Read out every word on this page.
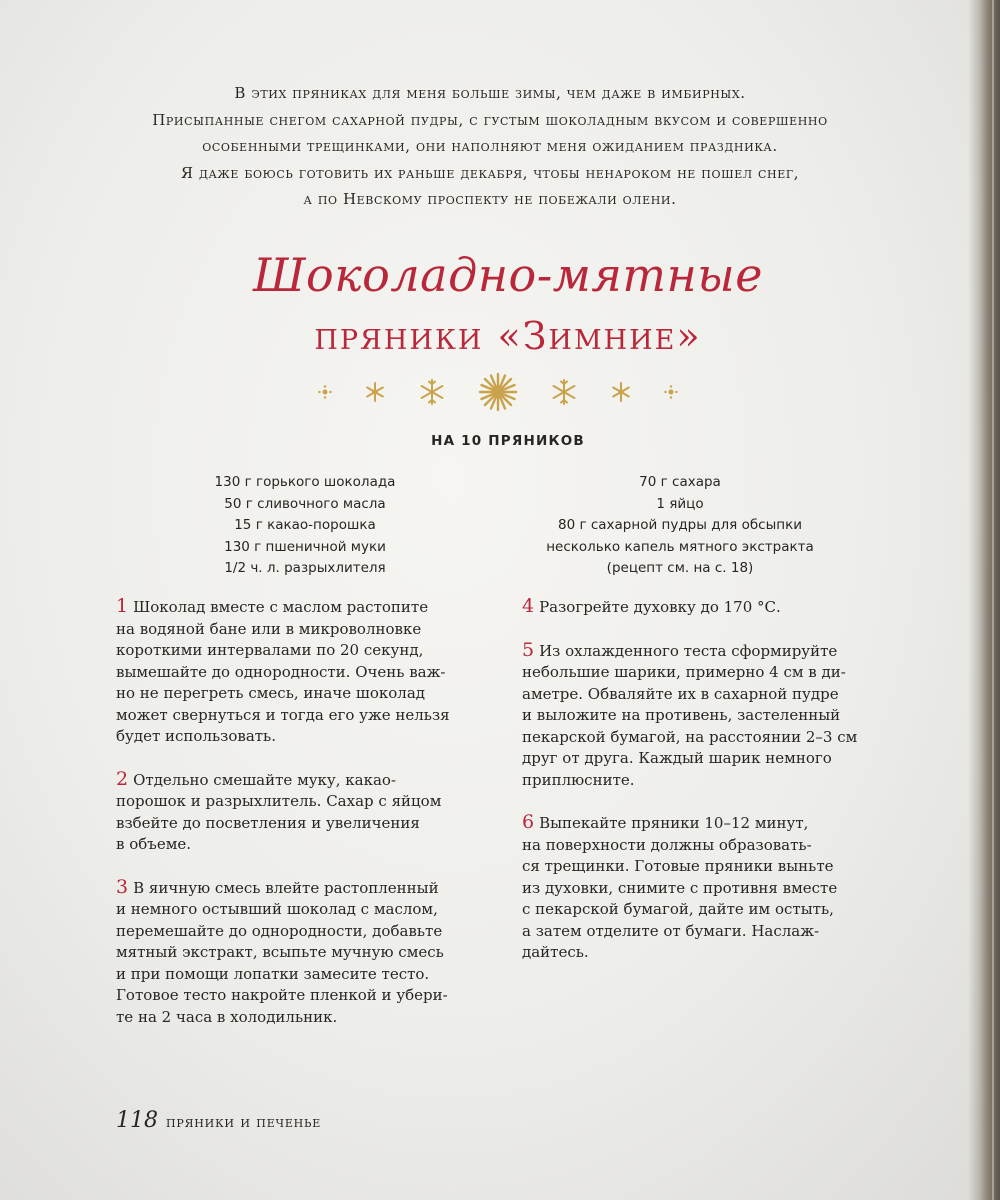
В этих пряниках для меня больше зимы, чем даже в имбирных.
Присыпанные снегом сахарной пудры, с густым шоколадным вкусом и совершенно
особенными трещинками, они наполняют меня ожиданием праздника.
Я даже боюсь готовить их раньше декабря, чтобы ненароком не пошел снег,
а по Невскому проспекту не побежали олени.
Шоколадно-мятные
пряники «Зимние»
НА 10 ПРЯНИКОВ
130 г горького шоколада
50 г сливочного масла
15 г какао-порошка
130 г пшеничной муки
1/2 ч. л. разрыхлителя
70 г сахара
1 яйцо
80 г сахарной пудры для обсыпки
несколько капель мятного экстракта
(рецепт см. на с. 18)
1 Шоколад вместе с маслом растопите
на водяной бане или в микроволновке
короткими интервалами по 20 секунд,
вымешайте до однородности. Очень важ-
но не перегреть смесь, иначе шоколад
может свернуться и тогда его уже нельзя
будет использовать.
2 Отдельно смешайте муку, какао-
порошок и разрыхлитель. Сахар с яйцом
взбейте до посветления и увеличения
в объеме.
3 В яичную смесь влейте растопленный
и немного остывший шоколад с маслом,
перемешайте до однородности, добавьте
мятный экстракт, всыпьте мучную смесь
и при помощи лопатки замесите тесто.
Готовое тесто накройте пленкой и убери-
те на 2 часа в холодильник.
4 Разогрейте духовку до 170 °С.
5 Из охлажденного теста сформируйте
небольшие шарики, примерно 4 см в ди-
аметре. Обваляйте их в сахарной пудре
и выложите на противень, застеленный
пекарской бумагой, на расстоянии 2–3 см
друг от друга. Каждый шарик немного
приплюсните.
6 Выпекайте пряники 10–12 минут,
на поверхности должны образовать-
ся трещинки. Готовые пряники выньте
из духовки, снимите с противня вместе
с пекарской бумагой, дайте им остыть,
а затем отделите от бумаги. Наслаж-
дайтесь.
118 пряники и печенье
